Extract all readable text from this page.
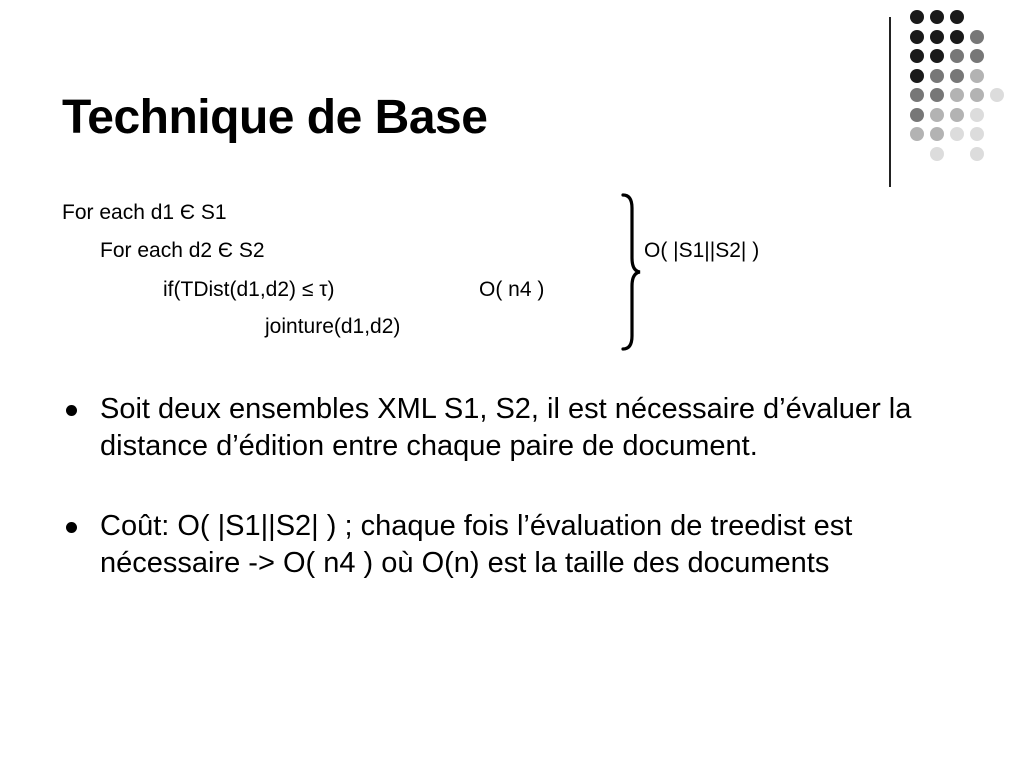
Technique de Base
For each d1 Є S1
For each d2 Є S2
if(TDist(d1,d2) ≤ τ)
jointure(d1,d2)
O( n4 )
O( |S1||S2| )
Soit deux ensembles XML S1, S2, il est nécessaire d’évaluer la distance d’édition entre chaque paire de document.
Coût: O( |S1||S2| ) ; chaque fois l’évaluation de treedist est nécessaire -> O( n4 ) où O(n) est la taille des documents
